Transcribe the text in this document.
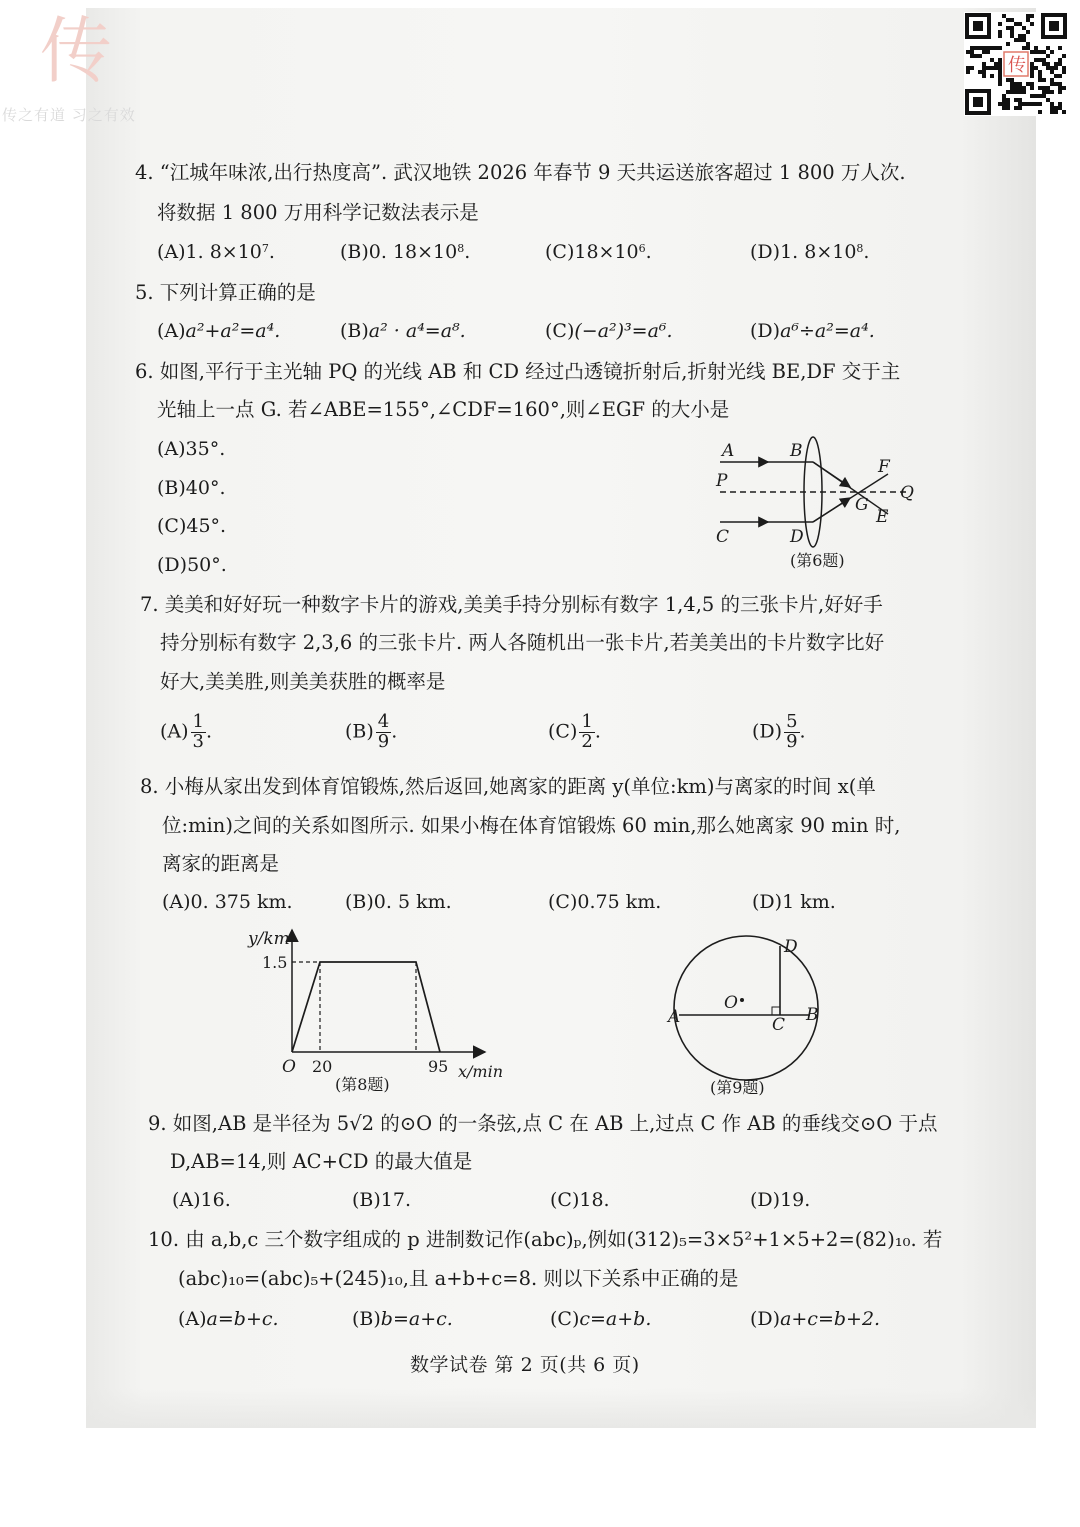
传
传之有道 习之有效
传
4. “江城年味浓,出行热度高”. 武汉地铁 2026 年春节 9 天共运送旅客超过 1 800 万人次.
将数据 1 800 万用科学记数法表示是
(A)1. $8\times 10^7$.	(B)0. $18\times 10^8$.	$(C)18\times 10^6$.	(D)1. $8\times 10^8$.
5. 下列计算正确的是
(A)a²+a²=a⁴.	(B)a² · a⁴=a⁸.	(C)(−a²)³=a⁶.	(D)a⁶÷a²=a⁴.
6. 如图,平行于主光轴 PQ 的光线 AB 和 CD 经过凸透镜折射后,折射光线 BE,DF 交于主
光轴上一点 G. 若∠ABE=155°,∠CDF=160°,则∠EGF 的大小是
(A)35°.
(B)40°.
(C)45°.
(D)50°.
A	B
P
C	D
F
G
E
Q
(第6题)
7. 美美和好好玩一种数字卡片的游戏,美美手持分别标有数字 1,4,5 的三张卡片,好好手
持分别标有数字 2,3,6 的三张卡片. 两人各随机出一张卡片,若美美出的卡片数字比好
好大,美美胜,则美美获胜的概率是
$(A) \frac{1}{3}$ .	$(B) \frac{4}{9}$ .	$(C) \frac{1}{2}$ .	$(D) \frac{5}{9}$ .
8. 小梅从家出发到体育馆锻炼,然后返回,她离家的距离 y(单位:km)与离家的时间 x(单
位:min)之间的关系如图所示. 如果小梅在体育馆锻炼 60 min,那么她离家 90 min 时,
离家的距离是
(A)0. 375 km.	(B)0. 5 km.	(C)0.75 km.	(D)1 km.
y/km
1.5
O 20	95 x/min
(第8题)
D
O
A	C B
(第9题)
9. 如图,AB 是半径为 5√2 的⊙O 的一条弦,点 C 在 AB 上,过点 C 作 AB 的垂线交⊙O 于点
D,AB=14,则 AC+CD 的最大值是
(A)16.	(B)17.	(C)18.	(D)19.
10. 由 a,b,c 三个数字组成的 p 进制数记作(abc)ₚ,例如(312)₅=3×5²+1×5+2=(82)₁₀. 若
(abc)₁₀=(abc)₅+(245)₁₀,且 a+b+c=8. 则以下关系中正确的是
(A)a=b+c.	(B)b=a+c.	(C)c=a+b.	(D)a+c=b+2.
数学试卷 第 2 页(共 6 页)
